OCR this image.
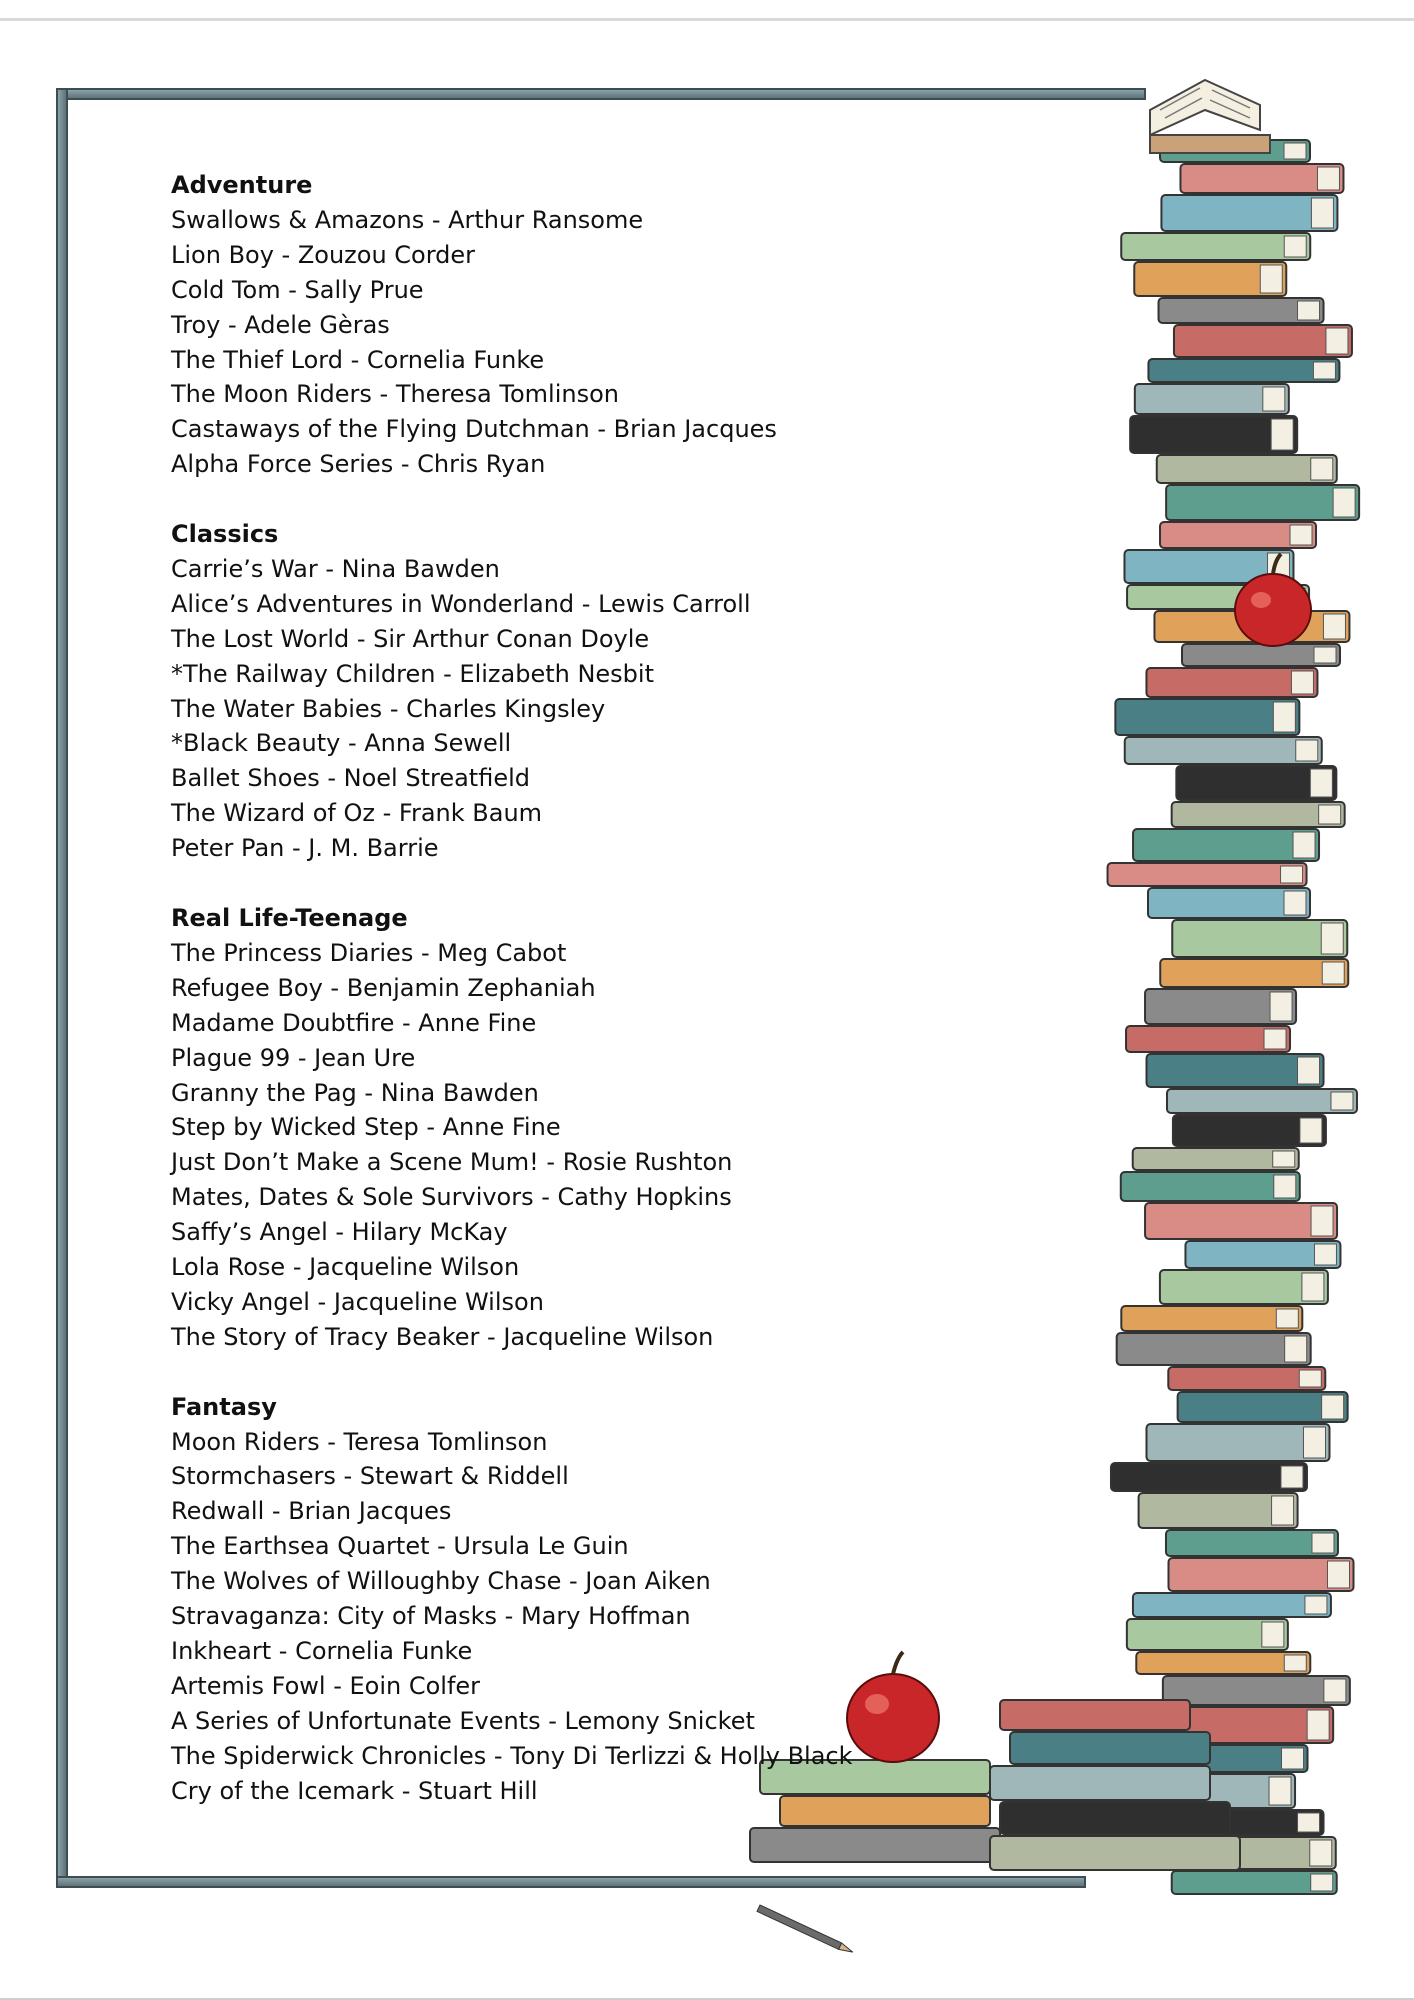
Adventure

Swallows & Amazons - Arthur Ransome

Lion Boy - Zouzou Corder

Cold Tom - Sally Prue

Troy - Adele Gèras

The Thief Lord - Cornelia Funke

The Moon Riders - Theresa Tomlinson

Castaways of the Flying Dutchman - Brian Jacques

Alpha Force Series - Chris Ryan

Classics

Carrie’s War - Nina Bawden

Alice’s Adventures in Wonderland - Lewis Carroll

The Lost World - Sir Arthur Conan Doyle

*The Railway Children - Elizabeth Nesbit

The Water Babies - Charles Kingsley

*Black Beauty - Anna Sewell

Ballet Shoes - Noel Streatfield

The Wizard of Oz - Frank Baum

Peter Pan - J. M. Barrie

Real Life-Teenage

The Princess Diaries - Meg Cabot

Refugee Boy - Benjamin Zephaniah

Madame Doubtfire - Anne Fine

Plague 99 - Jean Ure

Granny the Pag - Nina Bawden

Step by Wicked Step - Anne Fine

Just Don’t Make a Scene Mum! - Rosie Rushton

Mates, Dates & Sole Survivors - Cathy Hopkins

Saffy’s Angel - Hilary McKay

Lola Rose - Jacqueline Wilson

Vicky Angel - Jacqueline Wilson

The Story of Tracy Beaker - Jacqueline Wilson

Fantasy

Moon Riders - Teresa Tomlinson

Stormchasers - Stewart & Riddell

Redwall - Brian Jacques

The Earthsea Quartet - Ursula Le Guin

The Wolves of Willoughby Chase - Joan Aiken

Stravaganza: City of Masks - Mary Hoffman

Inkheart - Cornelia Funke

Artemis Fowl - Eoin Colfer

A Series of Unfortunate Events - Lemony Snicket

The Spiderwick Chronicles - Tony Di Terlizzi & Holly Black

Cry of the Icemark - Stuart Hill
